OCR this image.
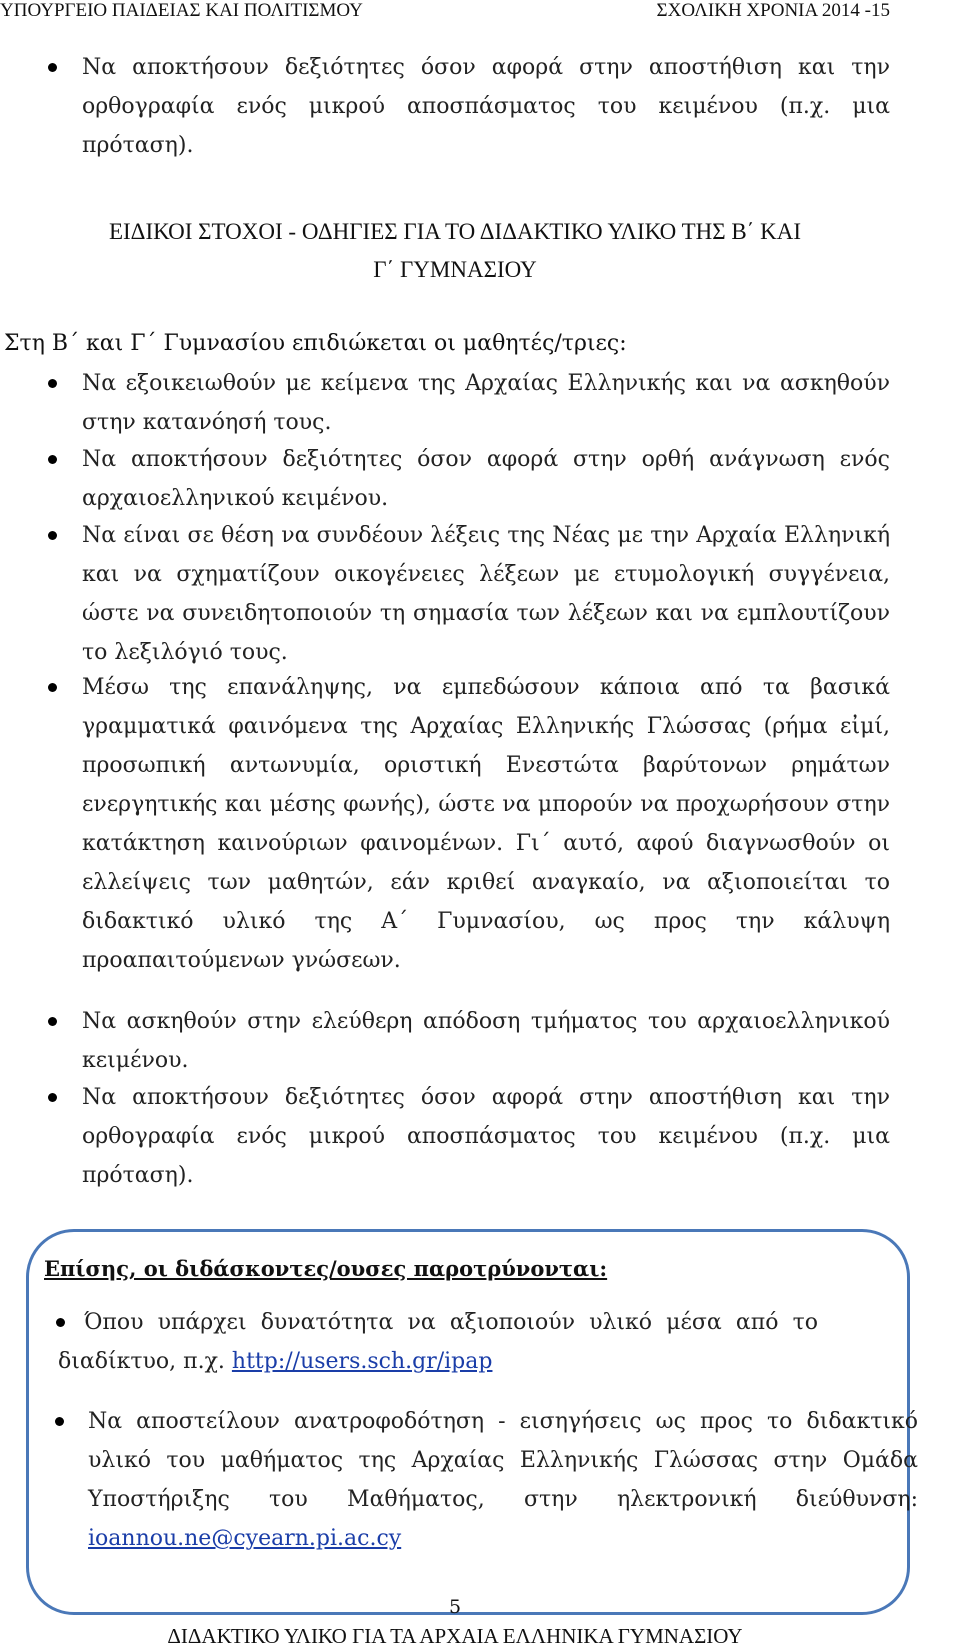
ΥΠΟΥΡΓΕΙΟ ΠΑΙΔΕΙΑΣ ΚΑΙ ΠΟΛΙΤΙΣΜΟΥ	ΣΧΟΛΙΚΗ ΧΡΟΝΙΑ 2014 -15
Να αποκτήσουν δεξιότητες όσον αφορά στην αποστήθιση και την ορθογραφία ενός μικρού αποσπάσματος του κειμένου (π.χ. μια πρόταση).
ΕΙΔΙΚΟΙ ΣΤΟΧΟΙ - ΟΔΗΓΙΕΣ ΓΙΑ ΤΟ ΔΙΔΑΚΤΙΚΟ ΥΛΙΚΟ ΤΗΣ Β΄ ΚΑΙ
Γ΄ ΓΥΜΝΑΣΙΟΥ
Στη Β΄ και Γ΄ Γυμνασίου επιδιώκεται οι μαθητές/τριες:
Να εξοικειωθούν με κείμενα της Αρχαίας Ελληνικής και να ασκηθούν στην κατανόησή τους.
Να αποκτήσουν δεξιότητες όσον αφορά στην ορθή ανάγνωση ενός αρχαιοελληνικού κειμένου.
Να είναι σε θέση να συνδέουν λέξεις της Νέας με την Αρχαία Ελληνική και να σχηματίζουν οικογένειες λέξεων με ετυμολογική συγγένεια, ώστε να συνειδητοποιούν τη σημασία των λέξεων και να εμπλουτίζουν το λεξιλόγιό τους.
Μέσω της επανάληψης, να εμπεδώσουν κάποια από τα βασικά γραμματικά φαινόμενα της Αρχαίας Ελληνικής Γλώσσας (ρήμα εἰμί, προσωπική αντωνυμία, οριστική Ενεστώτα βαρύτονων ρημάτων ενεργητικής και μέσης φωνής), ώστε να μπορούν να προχωρήσουν στην κατάκτηση καινούριων φαινομένων. Γι΄ αυτό, αφού διαγνωσθούν οι ελλείψεις των μαθητών, εάν κριθεί αναγκαίο, να αξιοποιείται το διδακτικό υλικό της Α΄ Γυμνασίου, ως προς την κάλυψη προαπαιτούμενων γνώσεων.
Να ασκηθούν στην ελεύθερη απόδοση τμήματος του αρχαιοελληνικού κειμένου.
Να αποκτήσουν δεξιότητες όσον αφορά στην αποστήθιση και την ορθογραφία ενός μικρού αποσπάσματος του κειμένου (π.χ. μια πρόταση).
Επίσης, οι διδάσκοντες/ουσες παροτρύνονται:
Όπου υπάρχει δυνατότητα να αξιοποιούν υλικό μέσα από το διαδίκτυο, π.χ. http://users.sch.gr/ipap
Να αποστείλουν ανατροφοδότηση - εισηγήσεις ως προς το διδακτικό υλικό του μαθήματος της Αρχαίας Ελληνικής Γλώσσας στην Ομάδα Υποστήριξης του Μαθήματος, στην ηλεκτρονική διεύθυνση: ioannou.ne@cyearn.pi.ac.cy
5
ΔΙΔΑΚΤΙΚΟ ΥΛΙΚΟ ΓΙΑ ΤΑ ΑΡΧΑΙΑ ΕΛΛΗΝΙΚΑ ΓΥΜΝΑΣΙΟΥ
